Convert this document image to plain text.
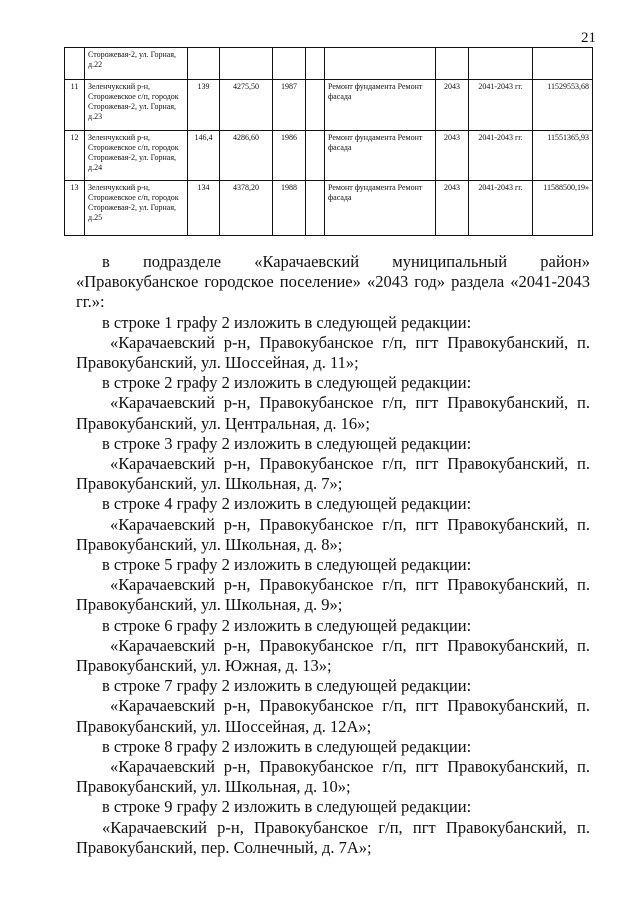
21
	Сторожевая-2, ул. Горная, д.22								
11	Зеленчукский р-н, Сторожевское с/п, городок Сторожевая-2, ул. Горная, д.23	139	4275,50	1987		Ремонт фундамента Ремонт фасада	2043	2041-2043 гг.	11529553,68
12	Зеленчукский р-н, Сторожевское с/п, городок Сторожевая-2, ул. Горная, д.24	146,4	4286,60	1986		Ремонт фундамента Ремонт фасада	2043	2041-2043 гг.	11551365,93
13	Зеленчукский р-н, Сторожевское с/п, городок Сторожевая-2, ул. Горная, д.25	134	4378,20	1988		Ремонт фундамента Ремонт фасада	2043	2041-2043 гг.	11588500,19»

в подразделе «Карачаевский муниципальный район» «Правокубанское городское поселение» «2043 год» раздела «2041-2043 гг.»:

в строке 1 графу 2 изложить в следующей редакции:

«Карачаевский р-н, Правокубанское г/п, пгт Правокубанский, п. Правокубанский, ул. Шоссейная, д. 11»;

в строке 2 графу 2 изложить в следующей редакции:

«Карачаевский р-н, Правокубанское г/п, пгт Правокубанский, п. Правокубанский, ул. Центральная, д. 16»;

в строке 3 графу 2 изложить в следующей редакции:

«Карачаевский р-н, Правокубанское г/п, пгт Правокубанский, п. Правокубанский, ул. Школьная, д. 7»;

в строке 4 графу 2 изложить в следующей редакции:

«Карачаевский р-н, Правокубанское г/п, пгт Правокубанский, п. Правокубанский, ул. Школьная, д. 8»;

в строке 5 графу 2 изложить в следующей редакции:

«Карачаевский р-н, Правокубанское г/п, пгт Правокубанский, п. Правокубанский, ул. Школьная, д. 9»;

в строке 6 графу 2 изложить в следующей редакции:

«Карачаевский р-н, Правокубанское г/п, пгт Правокубанский, п. Правокубанский, ул. Южная, д. 13»;

в строке 7 графу 2 изложить в следующей редакции:

«Карачаевский р-н, Правокубанское г/п, пгт Правокубанский, п. Правокубанский, ул. Шоссейная, д. 12А»;

в строке 8 графу 2 изложить в следующей редакции:

«Карачаевский р-н, Правокубанское г/п, пгт Правокубанский, п. Правокубанский, ул. Школьная, д. 10»;

в строке 9 графу 2 изложить в следующей редакции:

«Карачаевский р-н, Правокубанское г/п, пгт Правокубанский, п. Правокубанский, пер. Солнечный, д. 7А»;
